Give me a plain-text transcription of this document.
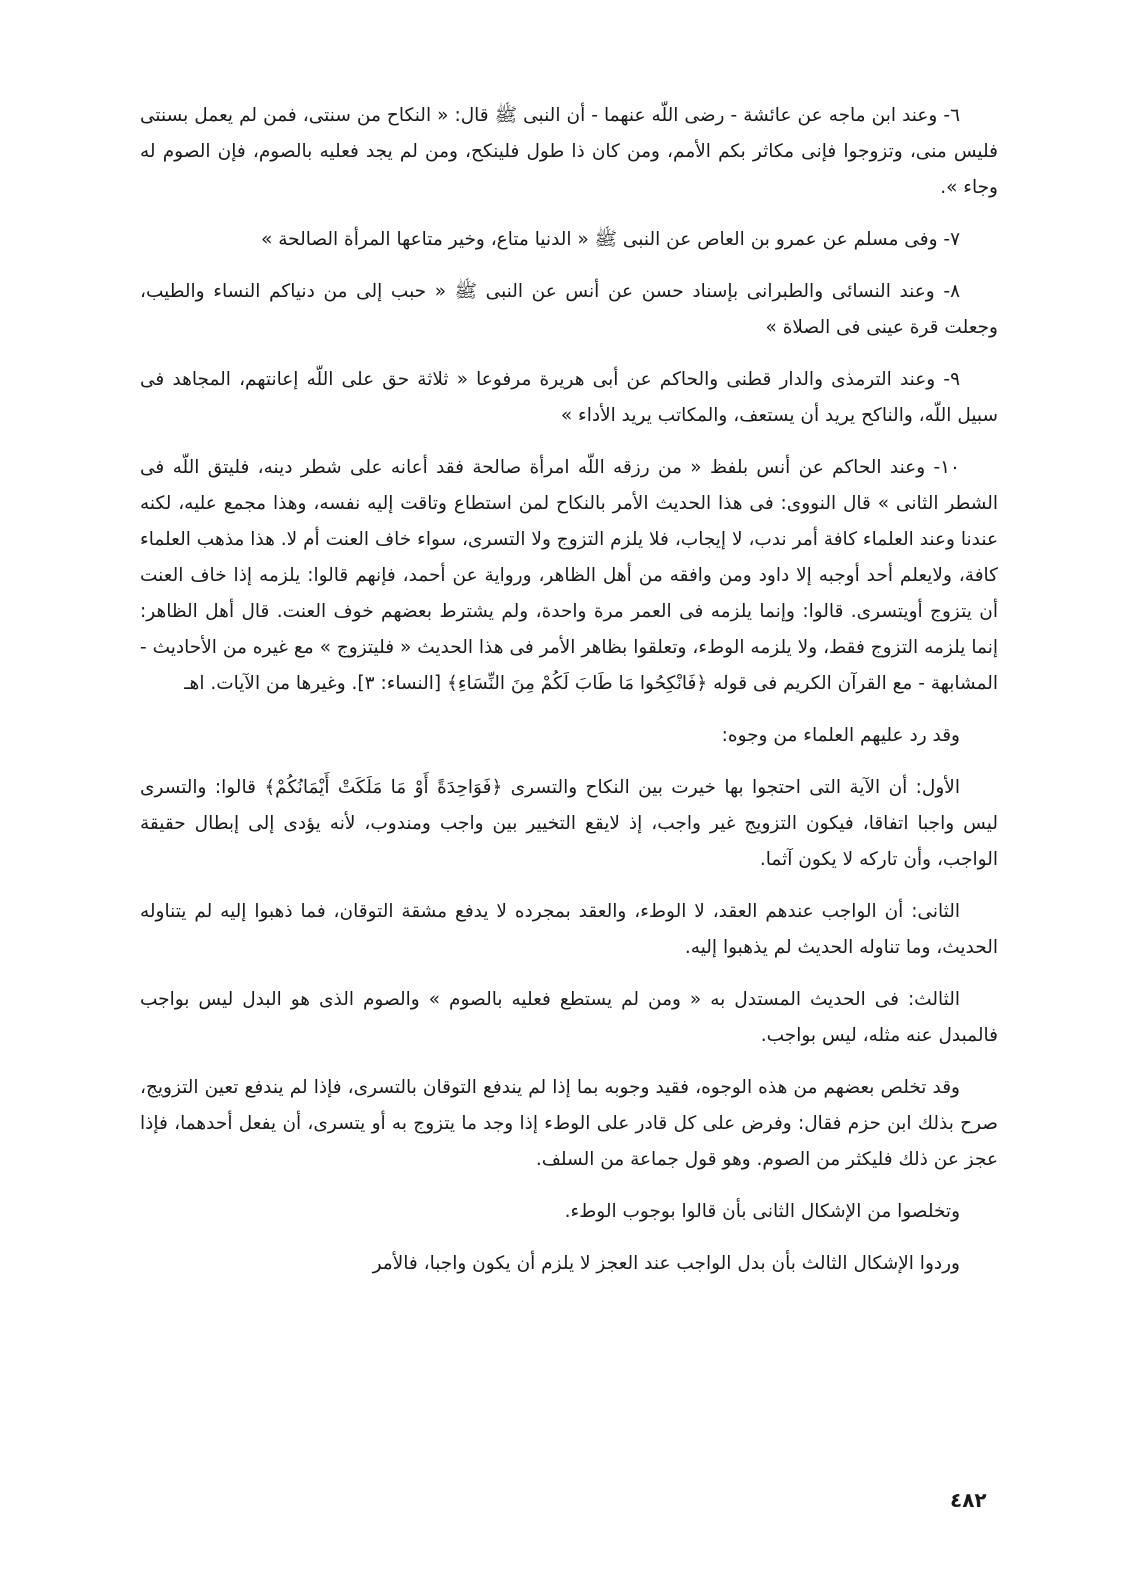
٦- وعند ابن ماجه عن عائشة - رضى اللّه عنهما - أن النبى ﷺ قال: « النكاح من سنتى، فمن لم يعمل بسنتى فليس منى، وتزوجوا فإنى مكاثر بكم الأمم، ومن كان ذا طول فلينكح، ومن لم يجد فعليه بالصوم، فإن الصوم له وجاء ».

٧- وفى مسلم عن عمرو بن العاص عن النبى ﷺ « الدنيا متاع، وخير متاعها المرأة الصالحة »

٨- وعند النسائى والطبرانى بإسناد حسن عن أنس عن النبى ﷺ « حبب إلى من دنياكم النساء والطيب، وجعلت قرة عينى فى الصلاة »

٩- وعند الترمذى والدار قطنى والحاكم عن أبى هريرة مرفوعا « ثلاثة حق على اللّه إعانتهم، المجاهد فى سبيل اللّه، والناكح يريد أن يستعف، والمكاتب يريد الأداء »

١٠- وعند الحاكم عن أنس بلفظ « من رزقه اللّه امرأة صالحة فقد أعانه على شطر دينه، فليتق اللّه فى الشطر الثانى » قال النووى: فى هذا الحديث الأمر بالنكاح لمن استطاع وتاقت إليه نفسه، وهذا مجمع عليه، لكنه عندنا وعند العلماء كافة أمر ندب، لا إيجاب، فلا يلزم التزوج ولا التسرى، سواء خاف العنت أم لا. هذا مذهب العلماء كافة، ولايعلم أحد أوجبه إلا داود ومن وافقه من أهل الظاهر، ورواية عن أحمد، فإنهم قالوا: يلزمه إذا خاف العنت أن يتزوج أويتسرى. قالوا: وإنما يلزمه فى العمر مرة واحدة، ولم يشترط بعضهم خوف العنت. قال أهل الظاهر: إنما يلزمه التزوج فقط، ولا يلزمه الوطء، وتعلقوا بظاهر الأمر فى هذا الحديث « فليتزوج » مع غيره من الأحاديث - المشابهة - مع القرآن الكريم فى قوله ﴿فَانْكِحُوا مَا طَابَ لَكُمْ مِنَ النِّسَاءِ﴾ [النساء: ٣]. وغيرها من الآيات. اهـ

وقد رد عليهم العلماء من وجوه:

الأول: أن الآية التى احتجوا بها خيرت بين النكاح والتسرى ﴿فَوَاحِدَةً أَوْ مَا مَلَكَتْ أَيْمَانُكُمْ﴾ قالوا: والتسرى ليس واجبا اتفاقا، فيكون التزويج غير واجب، إذ لايقع التخيير بين واجب ومندوب، لأنه يؤدى إلى إبطال حقيقة الواجب، وأن تاركه لا يكون آثما.

الثانى: أن الواجب عندهم العقد، لا الوطء، والعقد بمجرده لا يدفع مشقة التوقان، فما ذهبوا إليه لم يتناوله الحديث، وما تناوله الحديث لم يذهبوا إليه.

الثالث: فى الحديث المستدل به « ومن لم يستطع فعليه بالصوم » والصوم الذى هو البدل ليس بواجب فالمبدل عنه مثله، ليس بواجب.

وقد تخلص بعضهم من هذه الوجوه، فقيد وجوبه بما إذا لم يندفع التوقان بالتسرى، فإذا لم يندفع تعين التزويج، صرح بذلك ابن حزم فقال: وفرض على كل قادر على الوطء إذا وجد ما يتزوج به أو يتسرى، أن يفعل أحدهما، فإذا عجز عن ذلك فليكثر من الصوم. وهو قول جماعة من السلف.

وتخلصوا من الإشكال الثانى بأن قالوا بوجوب الوطء.

وردوا الإشكال الثالث بأن بدل الواجب عند العجز لا يلزم أن يكون واجبا، فالأمر

٤٨٢
